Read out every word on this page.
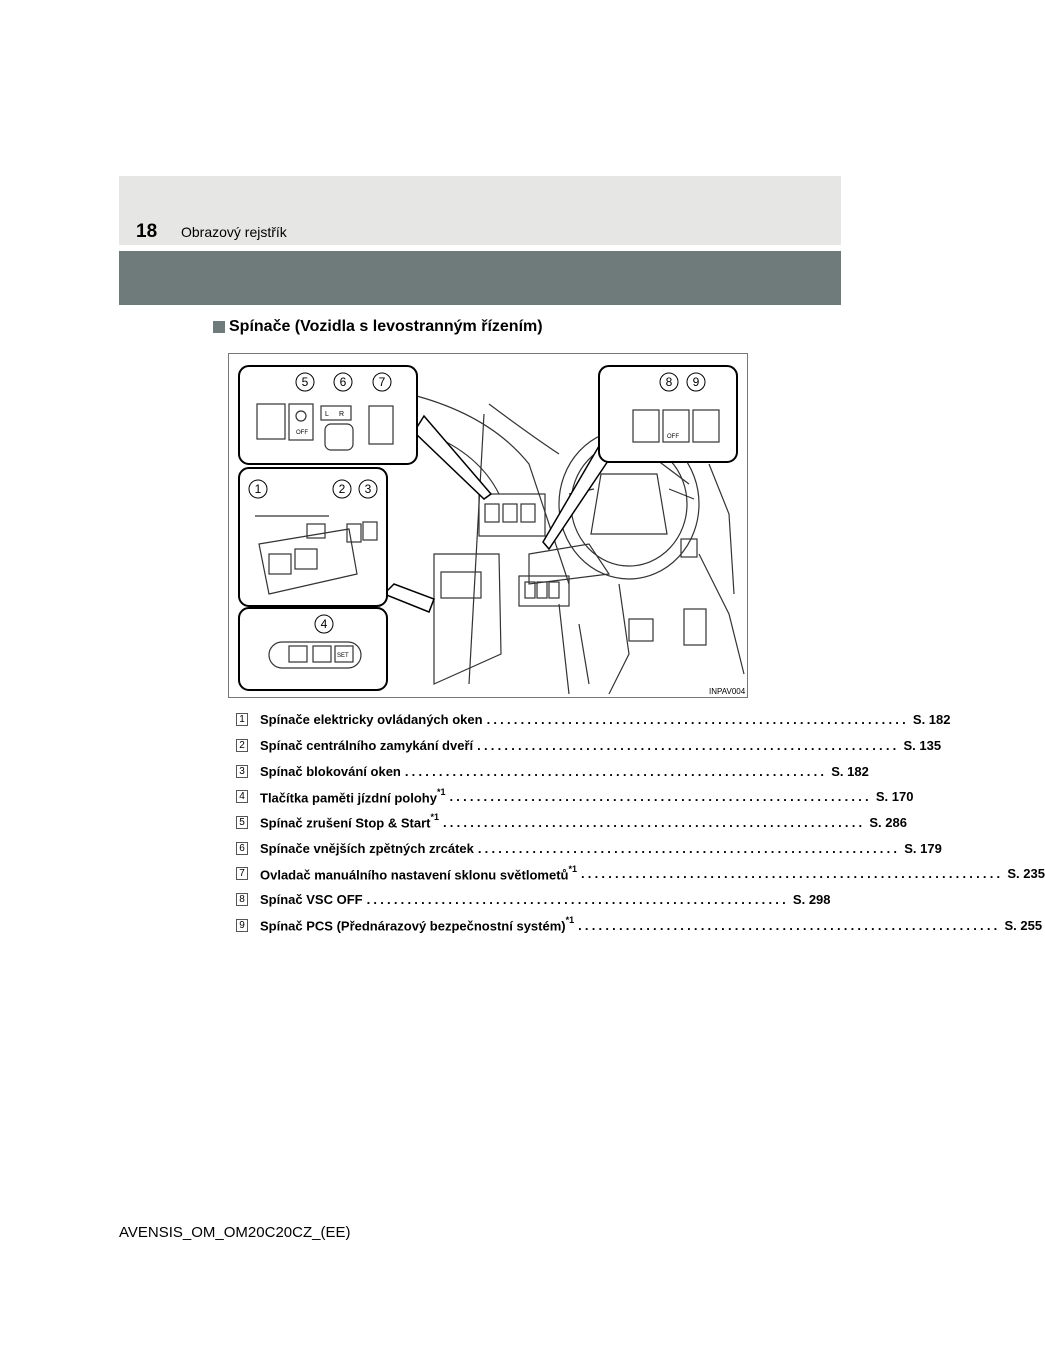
18 Obrazový rejstřík
Spínače (Vozidla s levostranným řízením)
OFF
L R
5	6	7
OFF
8 9
1	2 3
SET
4
INPAV004
1 Spínače elektricky ovládaných oken .............................................................. S. 182
2 Spínač centrálního zamykání dveří .............................................................. S. 135
3 Spínač blokování oken .............................................................. S. 182
4 Tlačítka paměti jízdní polohy$^{*1}$ .............................................................. S. 170
5 Spínač zrušení Stop & Start$^{*1}$ .............................................................. S. 286
6 Spínače vnějších zpětných zrcátek .............................................................. S. 179
7 Ovladač manuálního nastavení sklonu světlometů$^{*1}$ .............................................................. S. 235
8 Spínač VSC OFF .............................................................. S. 298
9 Spínač PCS (Přednárazový bezpečnostní systém)$^{*1}$ .............................................................. S. 255
AVENSIS_OM_OM20C20CZ_(EE)
